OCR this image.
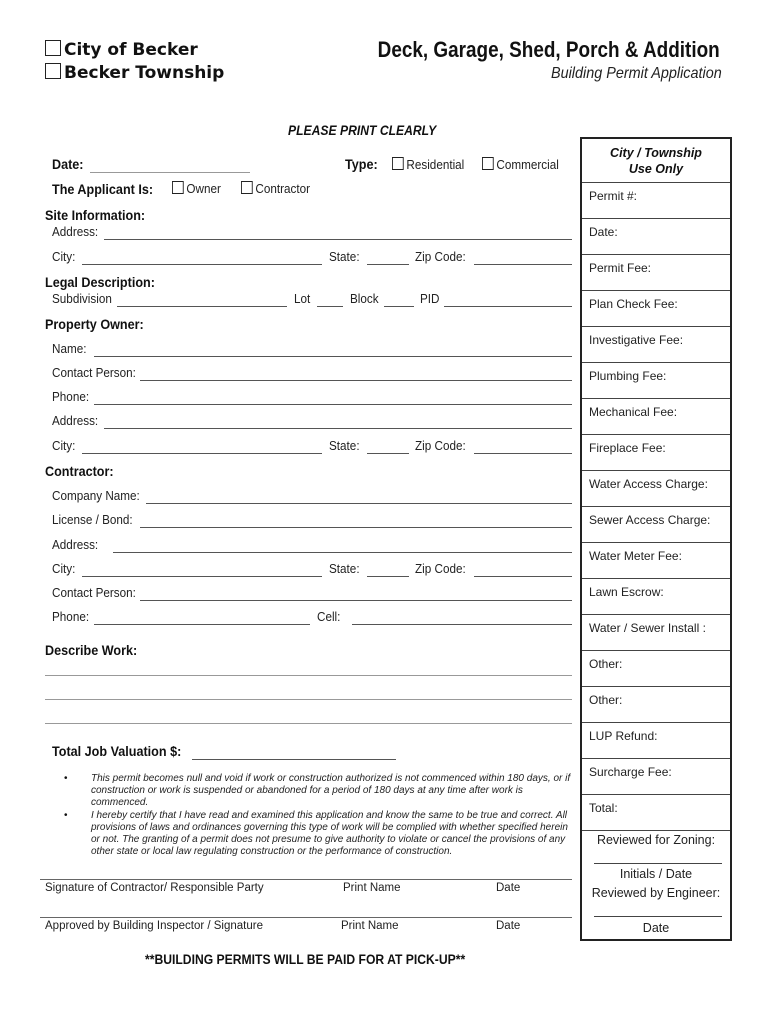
City of Becker
Becker Township
Deck, Garage, Shed, Porch & Addition
Building Permit Application
PLEASE PRINT CLEARLY
Date:	Type:	Residential	Commercial
The Applicant Is:	Owner	Contractor
Site Information:
Address:
City:	State:	Zip Code:
Legal Description:
Subdivision	Lot	Block	PID
Property Owner:
Name:
Contact Person:
Phone:
Address:
City:	State:	Zip Code:
Contractor:
Company Name:
License / Bond:
Address:
City:	State:	Zip Code:
Contact Person:
Phone:	Cell:
Describe Work:
Total Job Valuation $:
• This permit becomes null and void if work or construction authorized is not commenced within 180 days, or if construction or work is suspended or abandoned for a period of 180 days at any time after work is commenced.
• I hereby certify that I have read and examined this application and know the same to be true and correct. All provisions of laws and ordinances governing this type of work will be complied with whether specified herein or not. The granting of a permit does not presume to give authority to violate or cancel the provisions of any other state or local law regulating construction or the performance of construction.
Signature of Contractor/ Responsible Party	Print Name	Date
Approved by Building Inspector / Signature	Print Name	Date
**BUILDING PERMITS WILL BE PAID FOR AT PICK-UP**
City / Township
Use Only
Permit #:
Date:
Permit Fee:
Plan Check Fee:
Investigative Fee:
Plumbing Fee:
Mechanical Fee:
Fireplace Fee:
Water Access Charge:
Sewer Access Charge:
Water Meter Fee:
Lawn Escrow:
Water / Sewer Install :
Other:
Other:
LUP Refund:
Surcharge Fee:
Total:
Reviewed for Zoning:
Initials / Date
Reviewed by Engineer:
Date
